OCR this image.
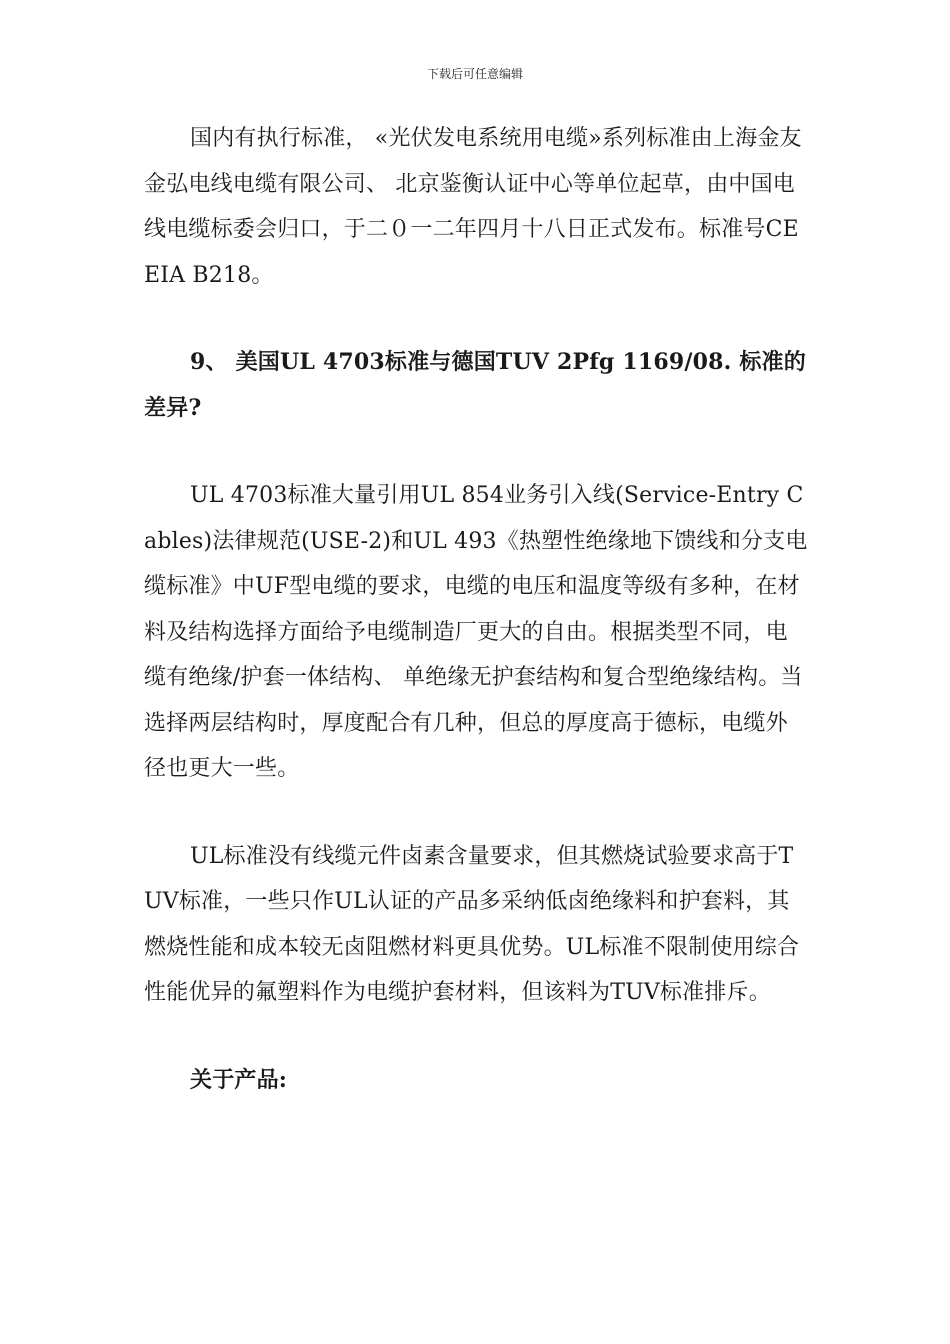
下载后可任意编辑

国内有执行标准， «光伏发电系统用电缆»系列标准由上海金友金弘电线电缆有限公司、 北京鉴衡认证中心等单位起草，由中国电线电缆标委会归口，于二０一二年四月十八日正式发布。标准号CEEIA B218。

9、 美国UL 4703标准与德国TUV 2Pfg 1169/08. 标准的差异?

UL 4703标准大量引用UL 854业务引入线(Service-Entry Cables)法律规范(USE-2)和UL 493《热塑性绝缘地下馈线和分支电缆标准》中UF型电缆的要求，电缆的电压和温度等级有多种，在材料及结构选择方面给予电缆制造厂更大的自由。根据类型不同，电缆有绝缘/护套一体结构、 单绝缘无护套结构和复合型绝缘结构。当选择两层结构时，厚度配合有几种，但总的厚度高于德标，电缆外径也更大一些。

UL标准没有线缆元件卤素含量要求，但其燃烧试验要求高于TUV标准，一些只作UL认证的产品多采纳低卤绝缘料和护套料，其燃烧性能和成本较无卤阻燃材料更具优势。UL标准不限制使用综合性能优异的氟塑料作为电缆护套材料，但该料为TUV标准排斥。

关于产品:
